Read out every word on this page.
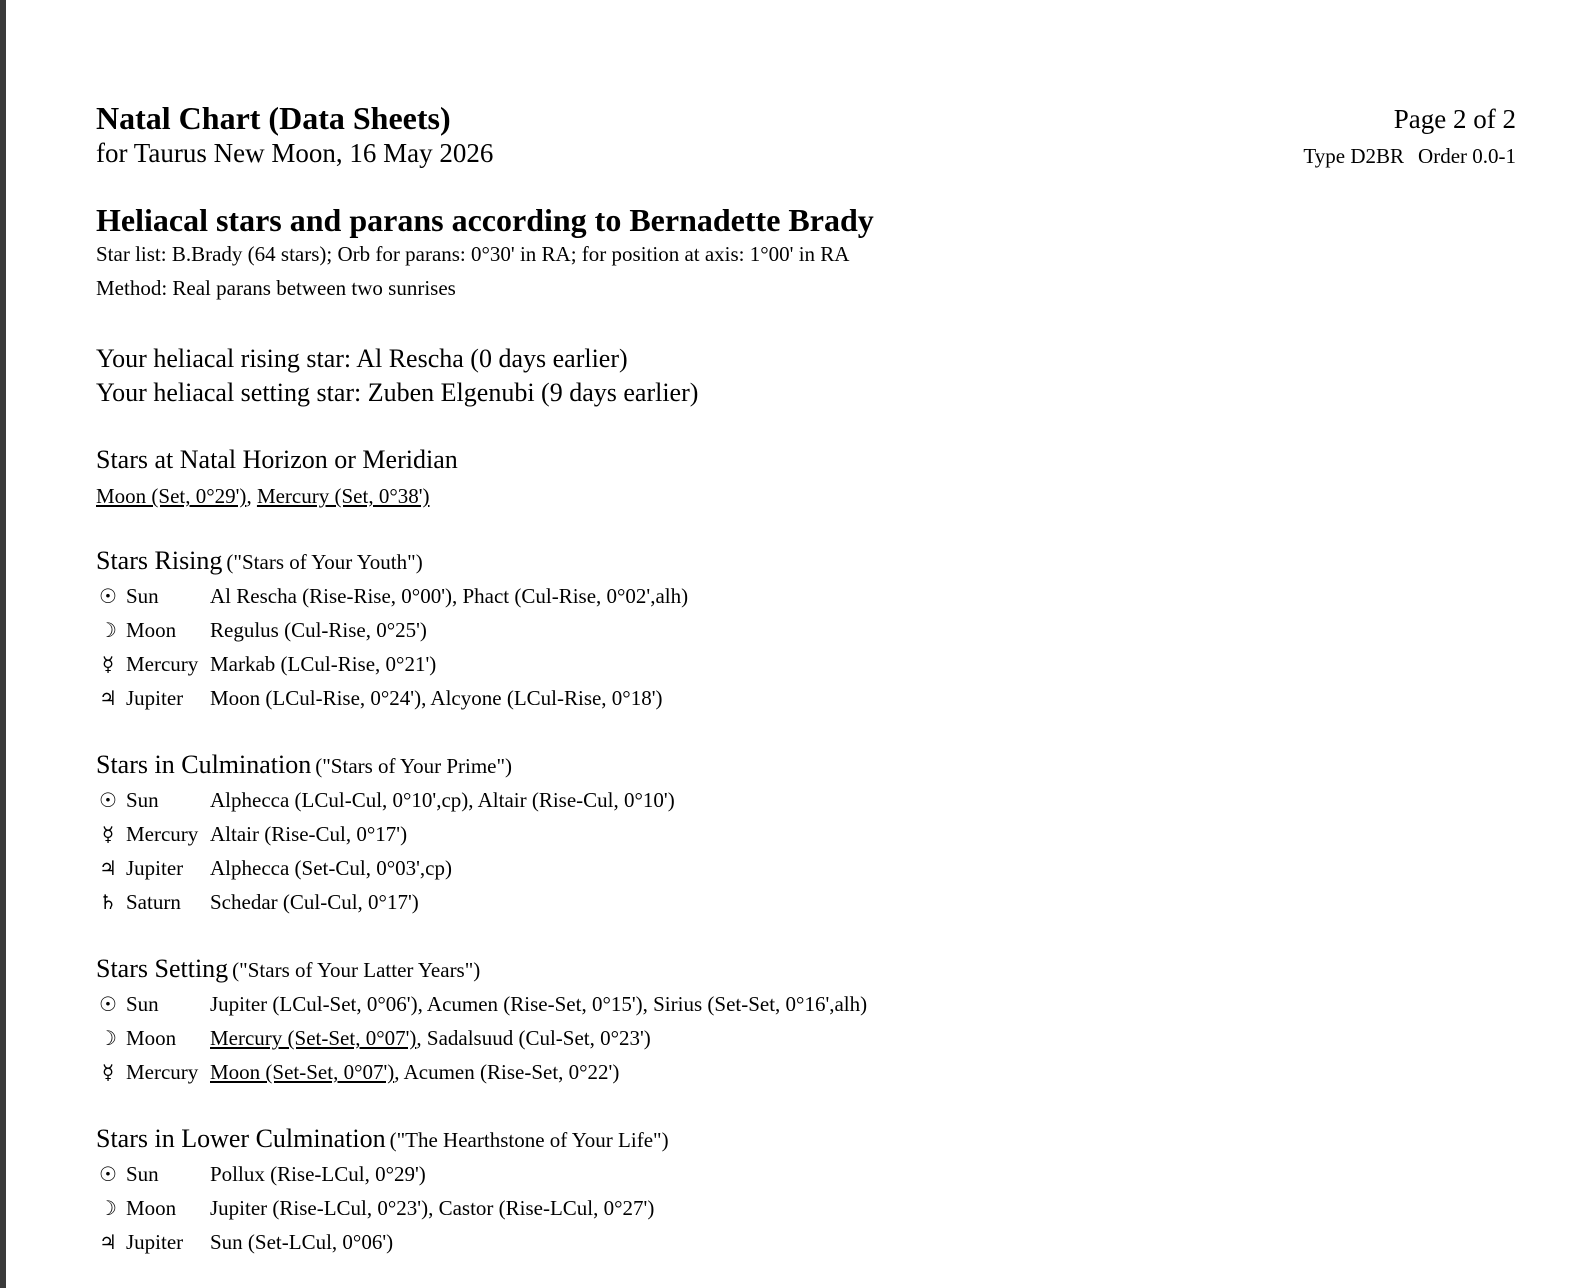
Natal Chart (Data Sheets)
for Taurus New Moon, 16 May 2026
Page 2 of 2
Type D2BR Order 0.0-1
Heliacal stars and parans according to Bernadette Brady
Star list: B.Brady (64 stars); Orb for parans: 0°30' in RA; for position at axis: 1°00' in RA
Method: Real parans between two sunrises
Your heliacal rising star: Al Rescha (0 days earlier)
Your heliacal setting star: Zuben Elgenubi (9 days earlier)
Stars at Natal Horizon or Meridian
Moon (Set, 0°29'), Mercury (Set, 0°38')
Stars Rising ("Stars of Your Youth")
☉ Sun Al Rescha (Rise-Rise, 0°00'), Phact (Cul-Rise, 0°02',alh)
☽ Moon Regulus (Cul-Rise, 0°25')
☿ Mercury Markab (LCul-Rise, 0°21')
♃ Jupiter Moon (LCul-Rise, 0°24'), Alcyone (LCul-Rise, 0°18')
Stars in Culmination ("Stars of Your Prime")
☉ Sun Alphecca (LCul-Cul, 0°10',cp), Altair (Rise-Cul, 0°10')
☿ Mercury Altair (Rise-Cul, 0°17')
♃ Jupiter Alphecca (Set-Cul, 0°03',cp)
♄ Saturn Schedar (Cul-Cul, 0°17')
Stars Setting ("Stars of Your Latter Years")
☉ Sun Jupiter (LCul-Set, 0°06'), Acumen (Rise-Set, 0°15'), Sirius (Set-Set, 0°16',alh)
☽ Moon Mercury (Set-Set, 0°07'), Sadalsuud (Cul-Set, 0°23')
☿ Mercury Moon (Set-Set, 0°07'), Acumen (Rise-Set, 0°22')
Stars in Lower Culmination ("The Hearthstone of Your Life")
☉ Sun Pollux (Rise-LCul, 0°29')
☽ Moon Jupiter (Rise-LCul, 0°23'), Castor (Rise-LCul, 0°27')
♃ Jupiter Sun (Set-LCul, 0°06')
